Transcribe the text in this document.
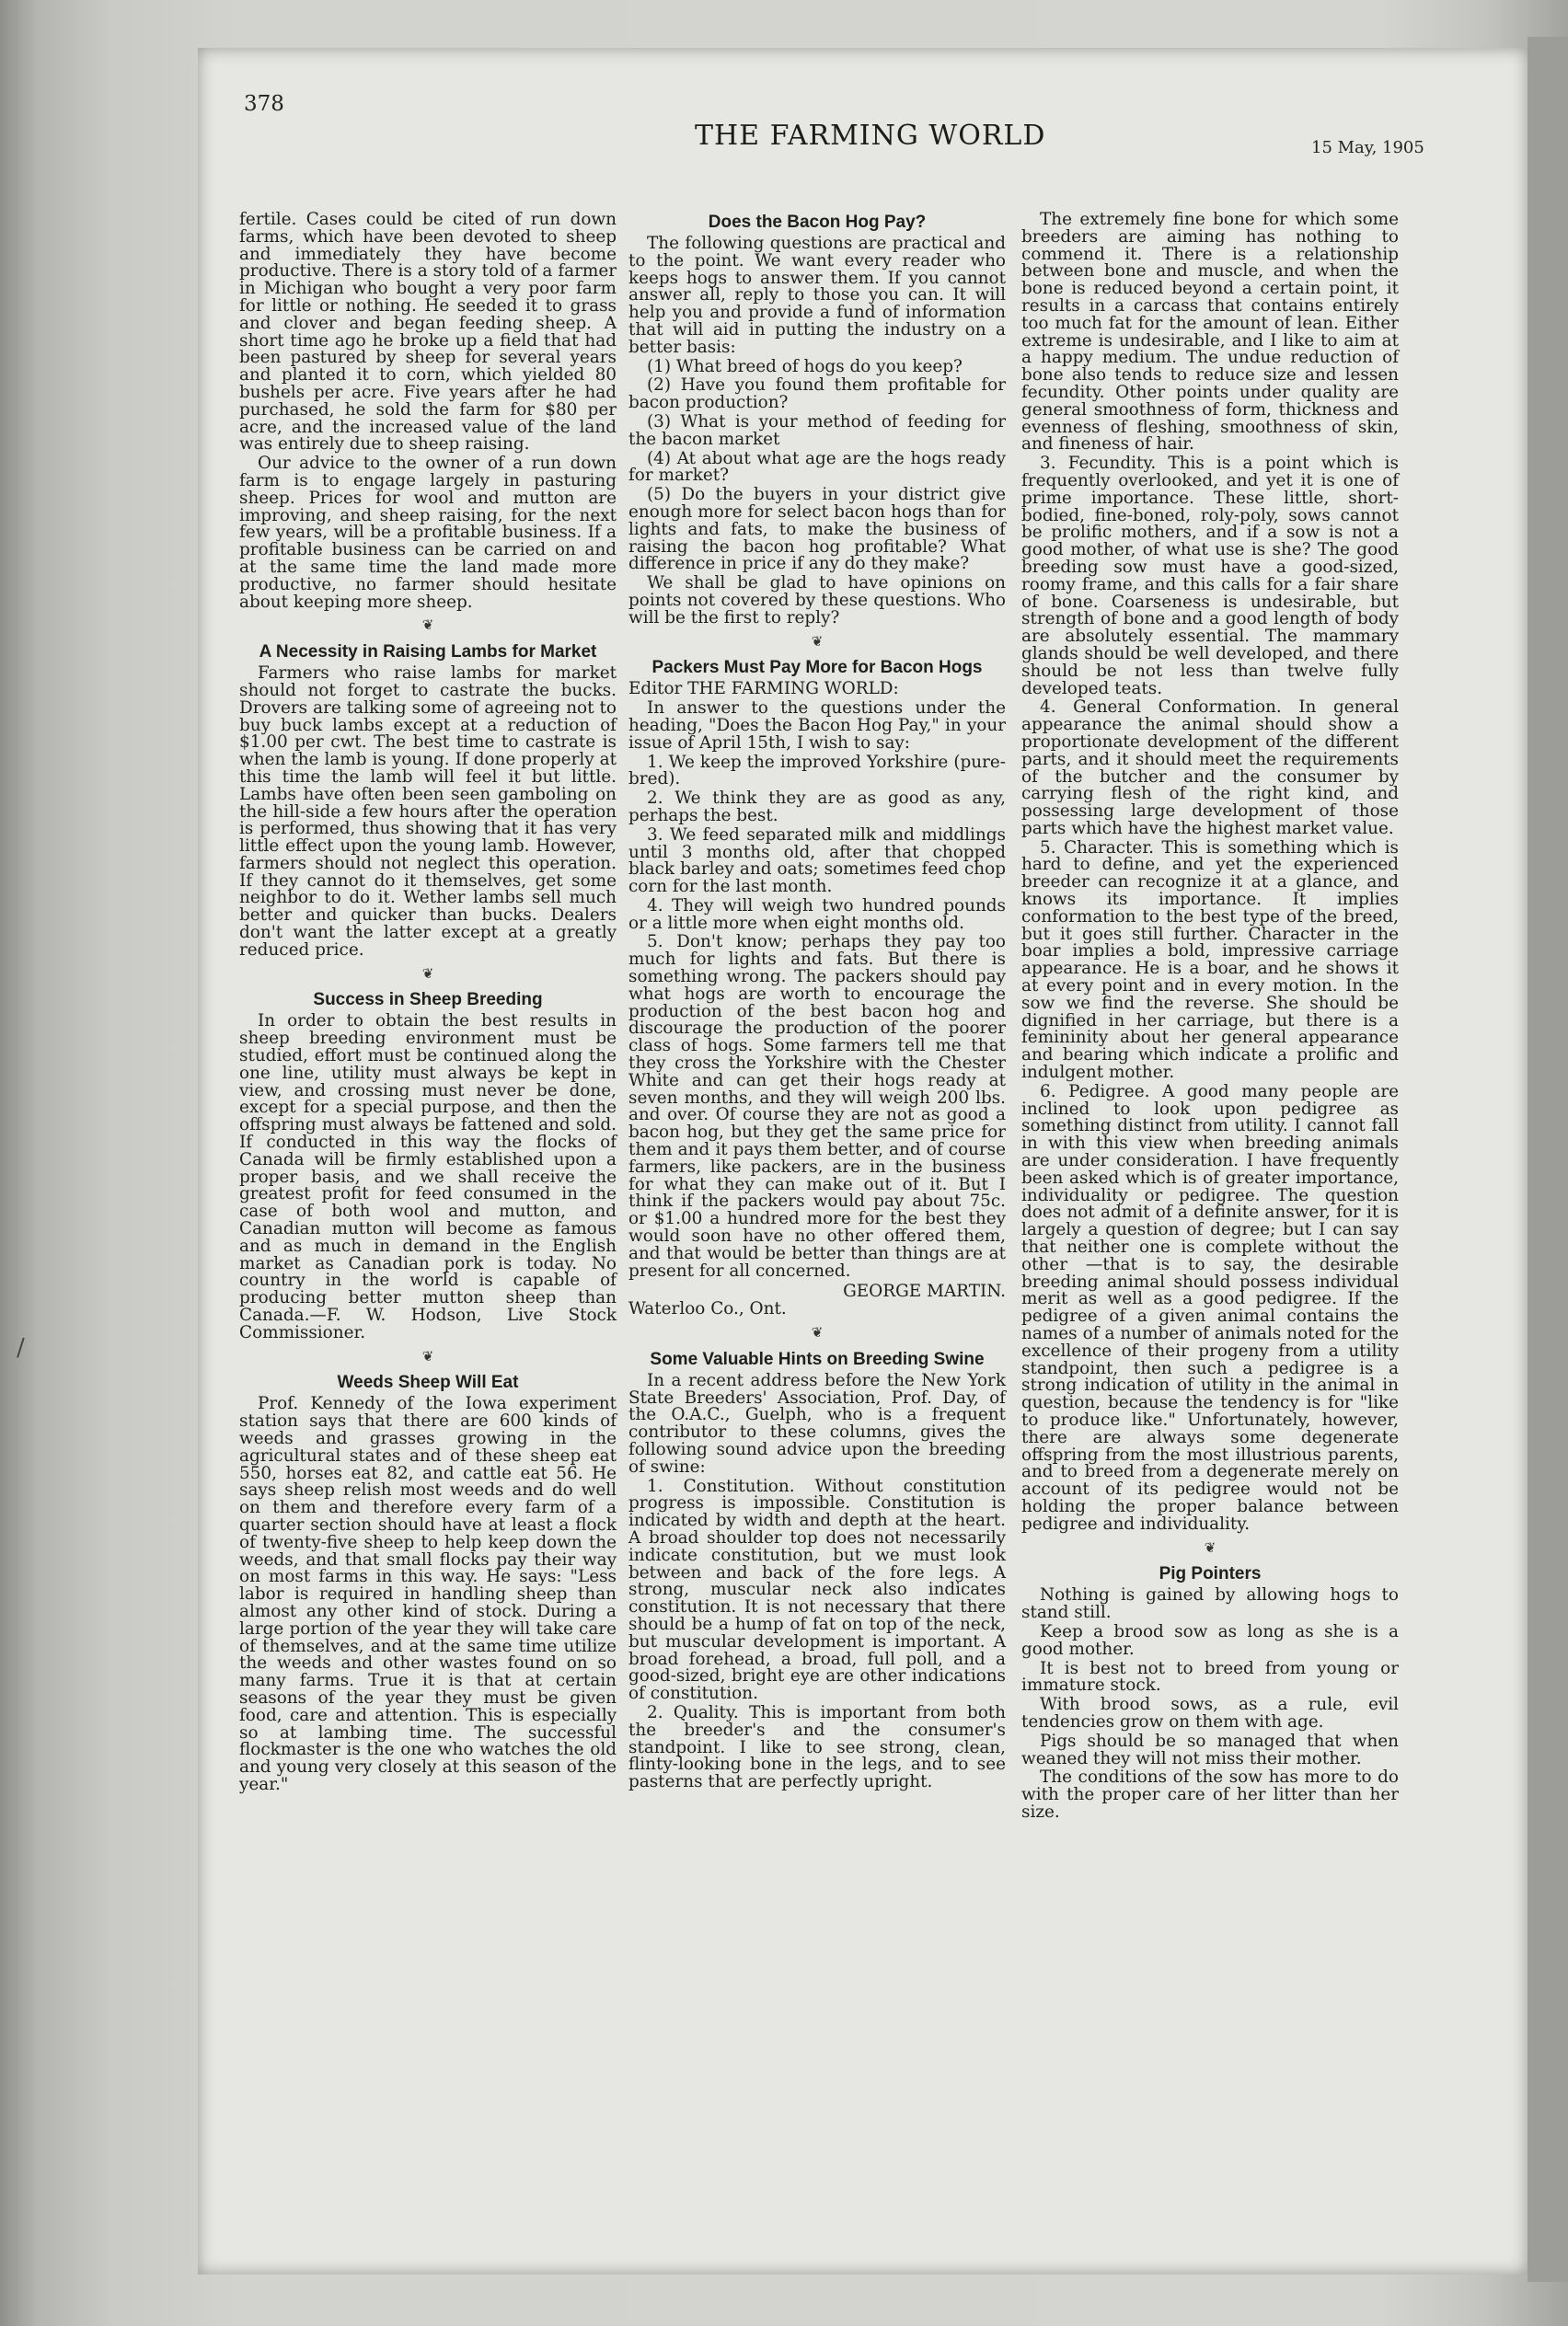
/
378
THE FARMING WORLD	15 May, 1905

fertile. Cases could be cited of run down farms, which have been devoted to sheep and immediately they have become productive. There is a story told of a farmer in Michigan who bought a very poor farm for little or nothing. He seeded it to grass and clover and began feeding sheep. A short time ago he broke up a field that had been pastured by sheep for several years and planted it to corn, which yielded 80 bushels per acre. Five years after he had purchased, he sold the farm for $80 per acre, and the increased value of the land was entirely due to sheep raising.

Our advice to the owner of a run down farm is to engage largely in pasturing sheep. Prices for wool and mutton are improving, and sheep raising, for the next few years, will be a profitable business. If a profitable business can be carried on and at the same time the land made more productive, no farmer should hesitate about keeping more sheep.

❦
A Necessity in Raising Lambs for Market

Farmers who raise lambs for market should not forget to castrate the bucks. Drovers are talking some of agreeing not to buy buck lambs except at a reduction of $1.00 per cwt. The best time to castrate is when the lamb is young. If done properly at this time the lamb will feel it but little. Lambs have often been seen gamboling on the hill-side a few hours after the operation is performed, thus showing that it has very little effect upon the young lamb. However, farmers should not neglect this operation. If they cannot do it themselves, get some neighbor to do it. Wether lambs sell much better and quicker than bucks. Dealers don't want the latter except at a greatly reduced price.

❦
Success in Sheep Breeding

In order to obtain the best results in sheep breeding environment must be studied, effort must be continued along the one line, utility must always be kept in view, and crossing must never be done, except for a special purpose, and then the offspring must always be fattened and sold. If conducted in this way the flocks of Canada will be firmly established upon a proper basis, and we shall receive the greatest profit for feed consumed in the case of both wool and mutton, and Canadian mutton will become as famous and as much in demand in the English market as Canadian pork is today. No country in the world is capable of producing better mutton sheep than Canada.—F. W. Hodson, Live Stock Commissioner.

❦
Weeds Sheep Will Eat

Prof. Kennedy of the Iowa experiment station says that there are 600 kinds of weeds and grasses growing in the agricultural states and of these sheep eat 550, horses eat 82, and cattle eat 56. He says sheep relish most weeds and do well on them and therefore every farm of a quarter section should have at least a flock of twenty-five sheep to help keep down the weeds, and that small flocks pay their way on most farms in this way. He says: "Less labor is required in handling sheep than almost any other kind of stock. During a large portion of the year they will take care of themselves, and at the same time utilize the weeds and other wastes found on so many farms. True it is that at certain seasons of the year they must be given food, care and attention. This is especially so at lambing time. The successful flockmaster is the one who watches the old and young very closely at this season of the year."

Does the Bacon Hog Pay?

The following questions are practical and to the point. We want every reader who keeps hogs to answer them. If you cannot answer all, reply to those you can. It will help you and provide a fund of information that will aid in putting the industry on a better basis:

(1) What breed of hogs do you keep?

(2) Have you found them profitable for bacon production?

(3) What is your method of feeding for the bacon market

(4) At about what age are the hogs ready for market?

(5) Do the buyers in your district give enough more for select bacon hogs than for lights and fats, to make the business of raising the bacon hog profitable? What difference in price if any do they make?

We shall be glad to have opinions on points not covered by these questions. Who will be the first to reply?

❦
Packers Must Pay More for Bacon Hogs

Editor THE FARMING WORLD:

In answer to the questions under the heading, "Does the Bacon Hog Pay," in your issue of April 15th, I wish to say:

1. We keep the improved Yorkshire (pure-bred).

2. We think they are as good as any, perhaps the best.

3. We feed separated milk and middlings until 3 months old, after that chopped black barley and oats; sometimes feed chop corn for the last month.

4. They will weigh two hundred pounds or a little more when eight months old.

5. Don't know; perhaps they pay too much for lights and fats. But there is something wrong. The packers should pay what hogs are worth to encourage the production of the best bacon hog and discourage the production of the poorer class of hogs. Some farmers tell me that they cross the Yorkshire with the Chester White and can get their hogs ready at seven months, and they will weigh 200 lbs. and over. Of course they are not as good a bacon hog, but they get the same price for them and it pays them better, and of course farmers, like packers, are in the business for what they can make out of it. But I think if the packers would pay about 75c. or $1.00 a hundred more for the best they would soon have no other offered them, and that would be better than things are at present for all concerned.

GEORGE MARTIN.

Waterloo Co., Ont.

❦
Some Valuable Hints on Breeding Swine

In a recent address before the New York State Breeders' Association, Prof. Day, of the O.A.C., Guelph, who is a frequent contributor to these columns, gives the following sound advice upon the breeding of swine:

1. Constitution. Without constitution progress is impossible. Constitution is indicated by width and depth at the heart. A broad shoulder top does not necessarily indicate constitution, but we must look between and back of the fore legs. A strong, muscular neck also indicates constitution. It is not necessary that there should be a hump of fat on top of the neck, but muscular development is important. A broad forehead, a broad, full poll, and a good-sized, bright eye are other indications of constitution.

2. Quality. This is important from both the breeder's and the consumer's standpoint. I like to see strong, clean, flinty-looking bone in the legs, and to see pasterns that are perfectly upright.

The extremely fine bone for which some breeders are aiming has nothing to commend it. There is a relationship between bone and muscle, and when the bone is reduced beyond a certain point, it results in a carcass that contains entirely too much fat for the amount of lean. Either extreme is undesirable, and I like to aim at a happy medium. The undue reduction of bone also tends to reduce size and lessen fecundity. Other points under quality are general smoothness of form, thickness and evenness of fleshing, smoothness of skin, and fineness of hair.

3. Fecundity. This is a point which is frequently overlooked, and yet it is one of prime importance. These little, short-bodied, fine-boned, roly-poly, sows cannot be prolific mothers, and if a sow is not a good mother, of what use is she? The good breeding sow must have a good-sized, roomy frame, and this calls for a fair share of bone. Coarseness is undesirable, but strength of bone and a good length of body are absolutely essential. The mammary glands should be well developed, and there should be not less than twelve fully developed teats.

4. General Conformation. In general appearance the animal should show a proportionate development of the different parts, and it should meet the requirements of the butcher and the consumer by carrying flesh of the right kind, and possessing large development of those parts which have the highest market value.

5. Character. This is something which is hard to define, and yet the experienced breeder can recognize it at a glance, and knows its importance. It implies conformation to the best type of the breed, but it goes still further. Character in the boar implies a bold, impressive carriage appearance. He is a boar, and he shows it at every point and in every motion. In the sow we find the reverse. She should be dignified in her carriage, but there is a femininity about her general appearance and bearing which indicate a prolific and indulgent mother.

6. Pedigree. A good many people are inclined to look upon pedigree as something distinct from utility. I cannot fall in with this view when breeding animals are under consideration. I have frequently been asked which is of greater importance, individuality or pedigree. The question does not admit of a definite answer, for it is largely a question of degree; but I can say that neither one is complete without the other —that is to say, the desirable breeding animal should possess individual merit as well as a good pedigree. If the pedigree of a given animal contains the names of a number of animals noted for the excellence of their progeny from a utility standpoint, then such a pedigree is a strong indication of utility in the animal in question, because the tendency is for "like to produce like." Unfortunately, however, there are always some degenerate offspring from the most illustrious parents, and to breed from a degenerate merely on account of its pedigree would not be holding the proper balance between pedigree and individuality.

❦
Pig Pointers

Nothing is gained by allowing hogs to stand still.

Keep a brood sow as long as she is a good mother.

It is best not to breed from young or immature stock.

With brood sows, as a rule, evil tendencies grow on them with age.

Pigs should be so managed that when weaned they will not miss their mother.

The conditions of the sow has more to do with the proper care of her litter than her size.
